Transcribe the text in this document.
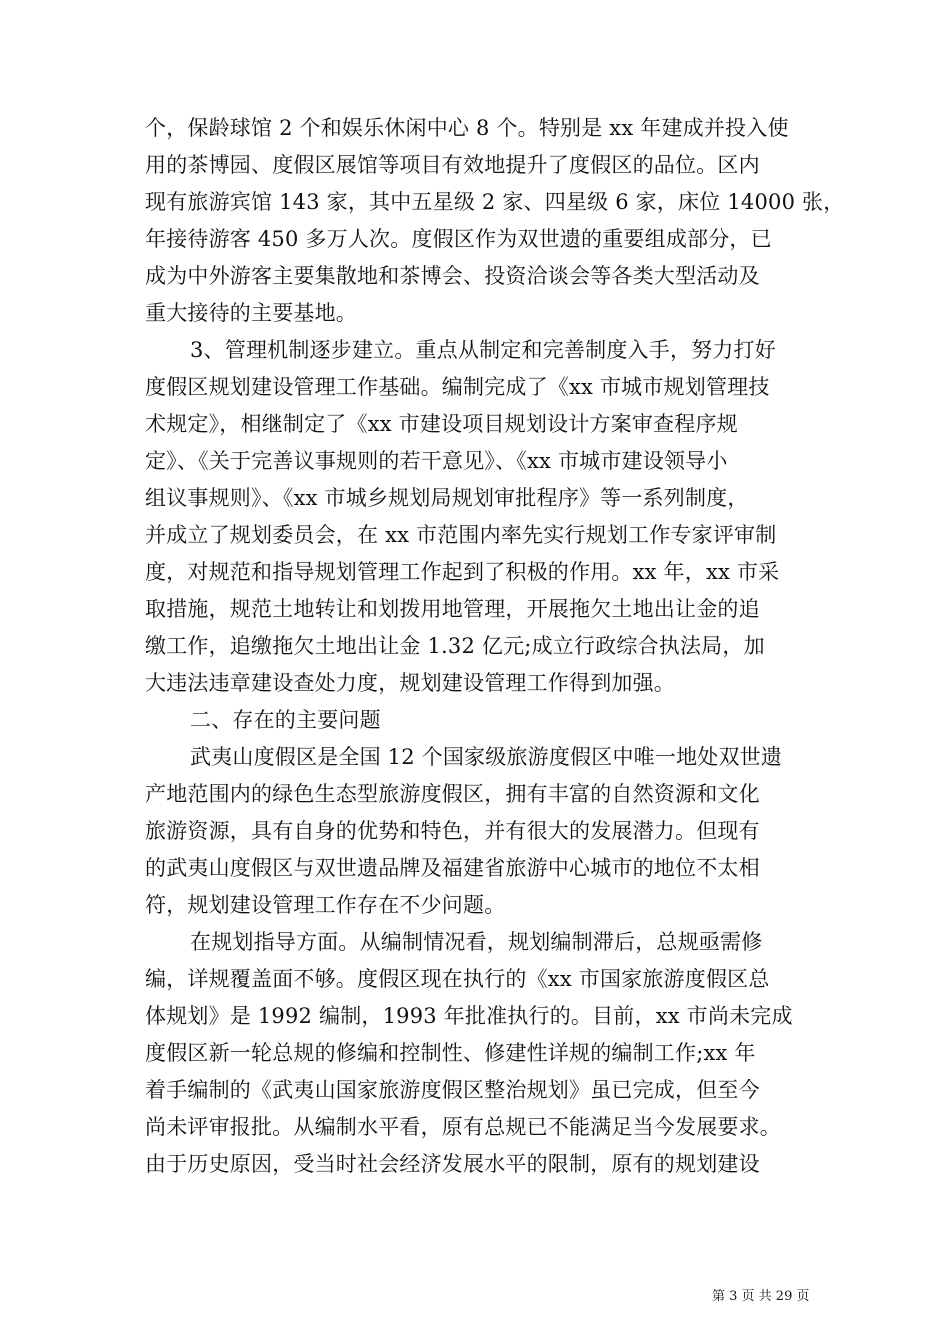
个，保龄球馆 2 个和娱乐休闲中心 8 个。特别是 xx 年建成并投入使
用的茶博园、度假区展馆等项目有效地提升了度假区的品位。区内
现有旅游宾馆 143 家，其中五星级 2 家、四星级 6 家，床位 14000 张，
年接待游客 450 多万人次。度假区作为双世遗的重要组成部分，已
成为中外游客主要集散地和茶博会、投资洽谈会等各类大型活动及
重大接待的主要基地。
3、管理机制逐步建立。重点从制定和完善制度入手，努力打好
度假区规划建设管理工作基础。编制完成了《xx 市城市规划管理技
术规定》，相继制定了《xx 市建设项目规划设计方案审查程序规
定》、《关于完善议事规则的若干意见》、《xx 市城市建设领导小
组议事规则》、《xx 市城乡规划局规划审批程序》等一系列制度，
并成立了规划委员会，在 xx 市范围内率先实行规划工作专家评审制
度，对规范和指导规划管理工作起到了积极的作用。xx 年，xx 市采
取措施，规范土地转让和划拨用地管理，开展拖欠土地出让金的追
缴工作，追缴拖欠土地出让金 1.32 亿元;成立行政综合执法局，加
大违法违章建设查处力度，规划建设管理工作得到加强。
二、存在的主要问题
武夷山度假区是全国 12 个国家级旅游度假区中唯一地处双世遗
产地范围内的绿色生态型旅游度假区，拥有丰富的自然资源和文化
旅游资源，具有自身的优势和特色，并有很大的发展潜力。但现有
的武夷山度假区与双世遗品牌及福建省旅游中心城市的地位不太相
符，规划建设管理工作存在不少问题。
在规划指导方面。从编制情况看，规划编制滞后，总规亟需修
编，详规覆盖面不够。度假区现在执行的《xx 市国家旅游度假区总
体规划》是 1992 编制，1993 年批准执行的。目前，xx 市尚未完成
度假区新一轮总规的修编和控制性、修建性详规的编制工作;xx 年
着手编制的《武夷山国家旅游度假区整治规划》虽已完成，但至今
尚未评审报批。从编制水平看，原有总规已不能满足当今发展要求。
由于历史原因，受当时社会经济发展水平的限制，原有的规划建设
第 3 页 共 29 页
